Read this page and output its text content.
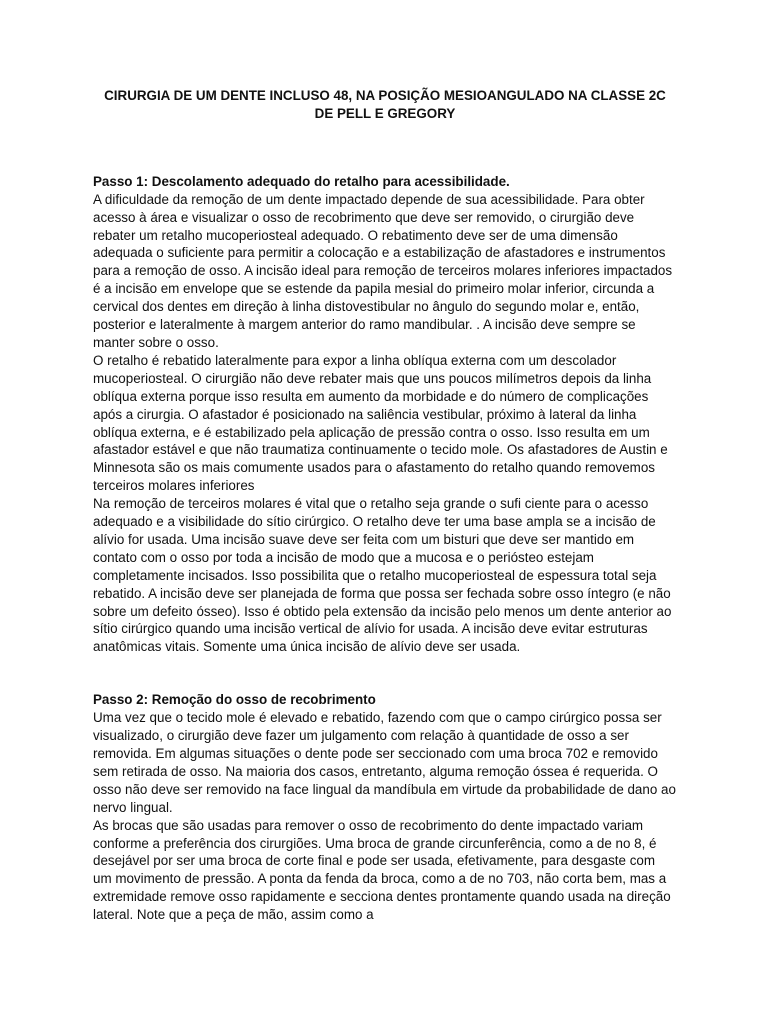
CIRURGIA DE UM DENTE INCLUSO 48, NA POSIÇÃO MESIOANGULADO NA CLASSE 2C DE PELL E GREGORY

Passo 1: Descolamento adequado do retalho para acessibilidade.

A dificuldade da remoção de um dente impactado depende de sua acessibilidade. Para obter acesso à área e visualizar o osso de recobrimento que deve ser removido, o cirurgião deve rebater um retalho mucoperiosteal adequado. O rebatimento deve ser de uma dimensão adequada o suficiente para permitir a colocação e a estabilização de afastadores e instrumentos para a remoção de osso. A incisão ideal para remoção de terceiros molares inferiores impactados é a incisão em envelope que se estende da papila mesial do primeiro molar inferior, circunda a cervical dos dentes em direção à linha distovestibular no ângulo do segundo molar e, então, posterior e lateralmente à margem anterior do ramo mandibular. . A incisão deve sempre se manter sobre o osso.

O retalho é rebatido lateralmente para expor a linha oblíqua externa com um descolador mucoperiosteal. O cirurgião não deve rebater mais que uns poucos milímetros depois da linha oblíqua externa porque isso resulta em aumento da morbidade e do número de complicações após a cirurgia. O afastador é posicionado na saliência vestibular, próximo à lateral da linha oblíqua externa, e é estabilizado pela aplicação de pressão contra o osso. Isso resulta em um afastador estável e que não traumatiza continuamente o tecido mole. Os afastadores de Austin e Minnesota são os mais comumente usados para o afastamento do retalho quando removemos terceiros molares inferiores

Na remoção de terceiros molares é vital que o retalho seja grande o sufi ciente para o acesso adequado e a visibilidade do sítio cirúrgico. O retalho deve ter uma base ampla se a incisão de alívio for usada. Uma incisão suave deve ser feita com um bisturi que deve ser mantido em contato com o osso por toda a incisão de modo que a mucosa e o periósteo estejam completamente incisados. Isso possibilita que o retalho mucoperiosteal de espessura total seja rebatido. A incisão deve ser planejada de forma que possa ser fechada sobre osso íntegro (e não sobre um defeito ósseo). Isso é obtido pela extensão da incisão pelo menos um dente anterior ao sítio cirúrgico quando uma incisão vertical de alívio for usada. A incisão deve evitar estruturas anatômicas vitais. Somente uma única incisão de alívio deve ser usada.

Passo 2: Remoção do osso de recobrimento

Uma vez que o tecido mole é elevado e rebatido, fazendo com que o campo cirúrgico possa ser visualizado, o cirurgião deve fazer um julgamento com relação à quantidade de osso a ser removida. Em algumas situações o dente pode ser seccionado com uma broca 702 e removido sem retirada de osso. Na maioria dos casos, entretanto, alguma remoção óssea é requerida. O osso não deve ser removido na face lingual da mandíbula em virtude da probabilidade de dano ao nervo lingual.

As brocas que são usadas para remover o osso de recobrimento do dente impactado variam conforme a preferência dos cirurgiões. Uma broca de grande circunferência, como a de no 8, é desejável por ser uma broca de corte final e pode ser usada, efetivamente, para desgaste com um movimento de pressão. A ponta da fenda da broca, como a de no 703, não corta bem, mas a extremidade remove osso rapidamente e secciona dentes prontamente quando usada na direção lateral. Note que a peça de mão, assim como a
